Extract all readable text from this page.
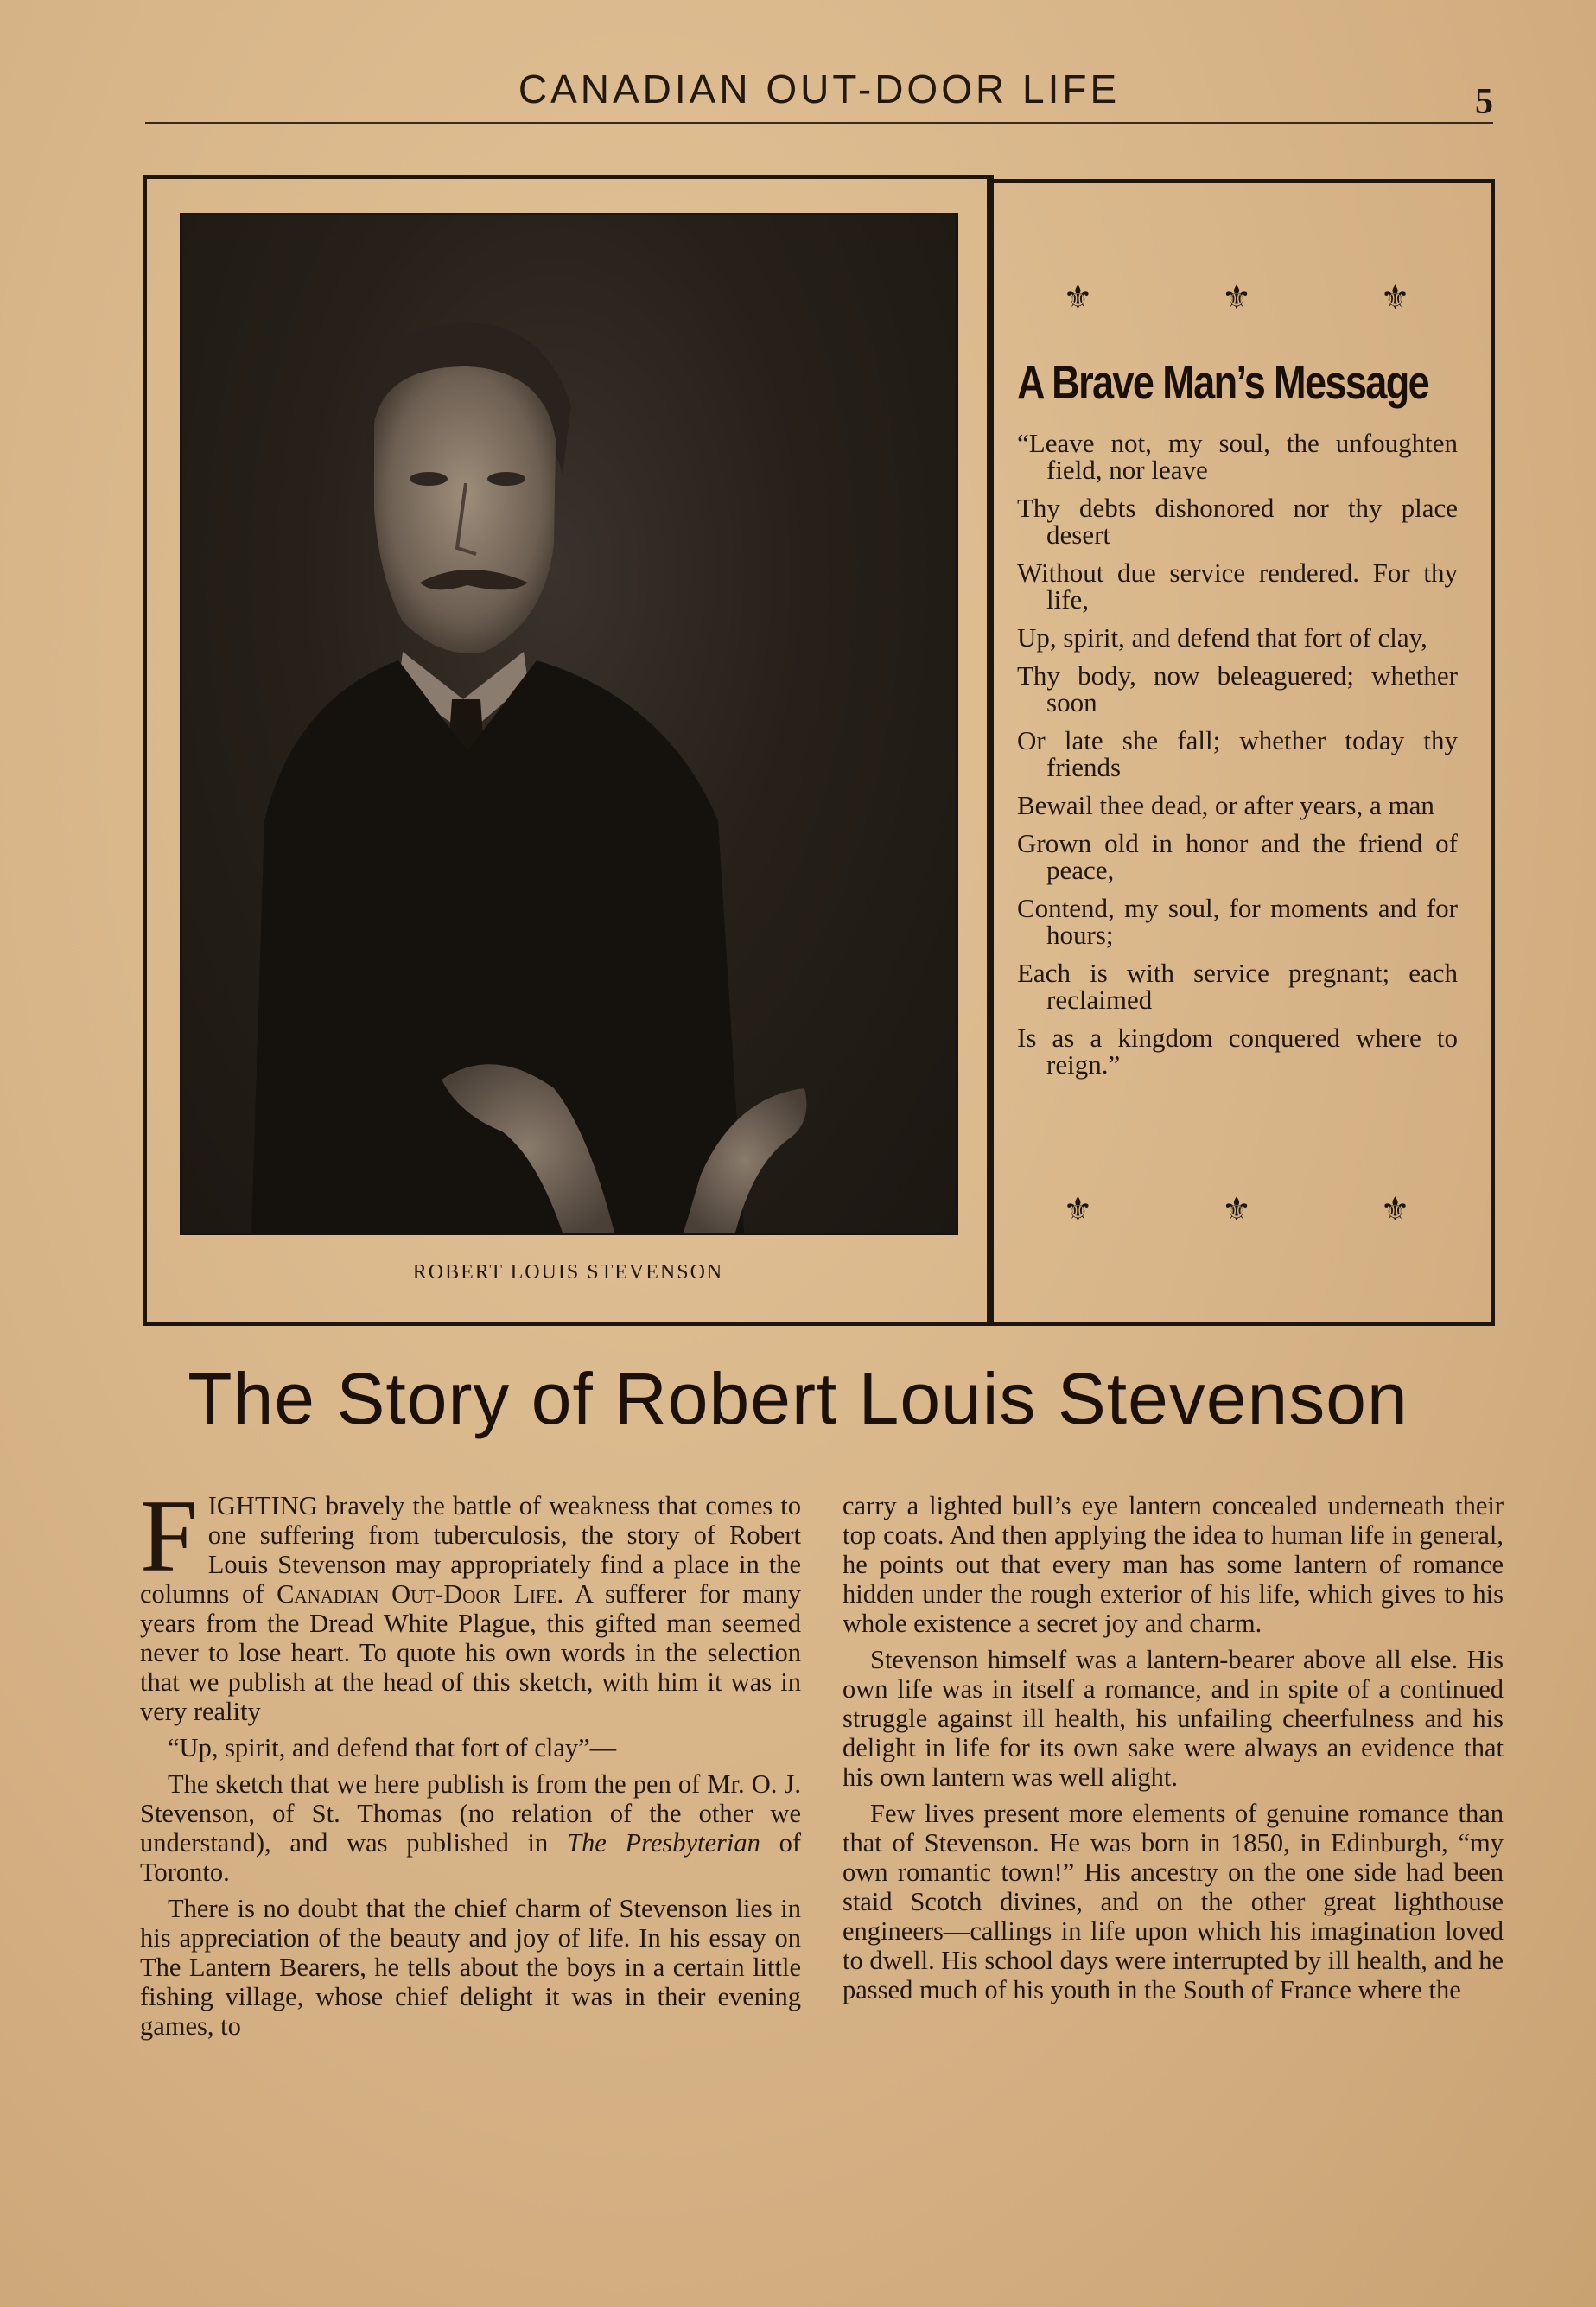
CANADIAN OUT-DOOR LIFE	5
ROBERT LOUIS STEVENSON
⚜ ⚜ ⚜
A Brave Man’s Message
“Leave not, my soul, the unfoughten field, nor leave
Thy debts dishonored nor thy place desert
Without due service rendered. For thy life,
Up, spirit, and defend that fort of clay,
Thy body, now beleaguered; whether soon
Or late she fall; whether today thy friends
Bewail thee dead, or after years, a man
Grown old in honor and the friend of peace,
Contend, my soul, for moments and for hours;
Each is with service pregnant; each reclaimed
Is as a kingdom conquered where to reign.”
⚜ ⚜ ⚜
The Story of Robert Louis Stevenson

FIGHTING bravely the battle of weakness that comes to one suffering from tuberculosis, the story of Robert Louis Stevenson may appropriately find a place in the columns of Canadian Out-Door Life. A sufferer for many years from the Dread White Plague, this gifted man seemed never to lose heart. To quote his own words in the selection that we publish at the head of this sketch, with him it was in very reality

“Up, spirit, and defend that fort of clay”—

The sketch that we here publish is from the pen of Mr. O. J. Stevenson, of St. Thomas (no relation of the other we understand), and was published in The Presbyterian of Toronto.

There is no doubt that the chief charm of Stevenson lies in his appreciation of the beauty and joy of life. In his essay on The Lantern Bearers, he tells about the boys in a certain little fishing village, whose chief delight it was in their evening games, to

carry a lighted bull’s eye lantern concealed underneath their top coats. And then applying the idea to human life in general, he points out that every man has some lantern of romance hidden under the rough exterior of his life, which gives to his whole existence a secret joy and charm.

Stevenson himself was a lantern-bearer above all else. His own life was in itself a romance, and in spite of a continued struggle against ill health, his unfailing cheerfulness and his delight in life for its own sake were always an evidence that his own lantern was well alight.

Few lives present more elements of genuine romance than that of Stevenson. He was born in 1850, in Edinburgh, “my own romantic town!” His ancestry on the one side had been staid Scotch divines, and on the other great lighthouse engineers—callings in life upon which his imagination loved to dwell. His school days were interrupted by ill health, and he passed much of his youth in the South of France where the
